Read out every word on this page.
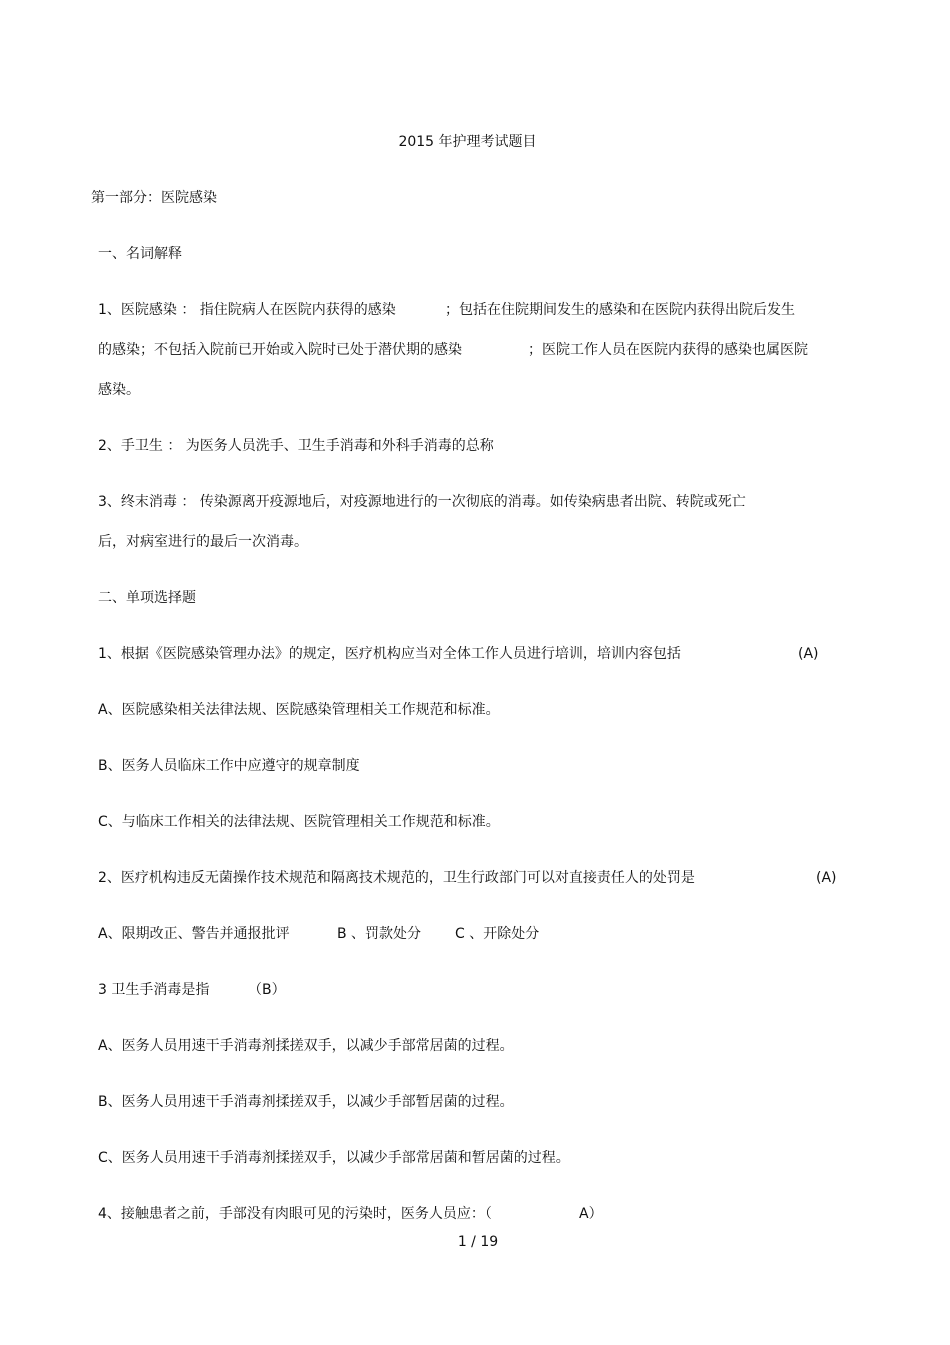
2015 年护理考试题目
第一部分：医院感染
一、名词解释
1、医院感染 ： 指住院病人在医院内获得的感染	；包括在住院期间发生的感染和在医院内获得出院后发生
的感染；不包括入院前已开始或入院时已处于潜伏期的感染	；医院工作人员在医院内获得的感染也属医院
感染。
2、手卫生 ： 为医务人员洗手、卫生手消毒和外科手消毒的总称
3、终末消毒 ： 传染源离开疫源地后，对疫源地进行的一次彻底的消毒。如传染病患者出院、转院或死亡
后，对病室进行的最后一次消毒。
二、单项选择题
1、根据《医院感染管理办法》的规定，医疗机构应当对全体工作人员进行培训，培训内容包括	(A)
A、医院感染相关法律法规、医院感染管理相关工作规范和标准。
B、医务人员临床工作中应遵守的规章制度
C、与临床工作相关的法律法规、医院管理相关工作规范和标准。
2、医疗机构违反无菌操作技术规范和隔离技术规范的，卫生行政部门可以对直接责任人的处罚是	(A)
A、限期改正、警告并通报批评	B 、罚款处分 C 、开除处分
3 卫生手消毒是指	（B）
A、医务人员用速干手消毒剂揉搓双手，以减少手部常居菌的过程。
B、医务人员用速干手消毒剂揉搓双手，以减少手部暂居菌的过程。
C、医务人员用速干手消毒剂揉搓双手，以减少手部常居菌和暂居菌的过程。
4、接触患者之前，手部没有肉眼可见的污染时，医务人员应：（	A）
1 / 19
